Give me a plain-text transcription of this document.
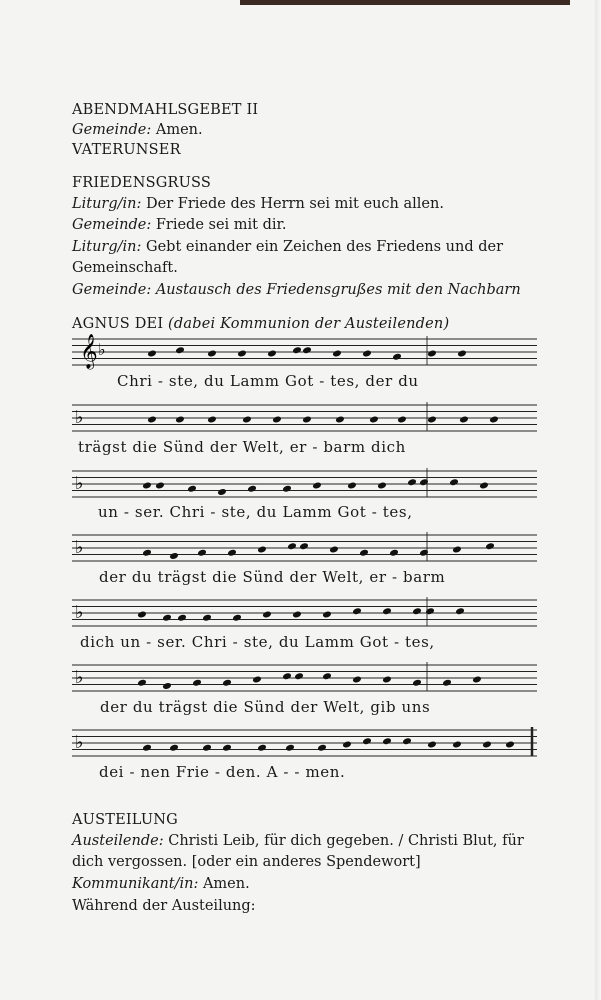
ABENDMAHLSGEBET II
Gemeinde: Amen.
VATERUNSER
FRIEDENSGRUSS
Liturg/in: Der Friede des Herrn sei mit euch allen.
Gemeinde: Friede sei mit dir.
Liturg/in: Gebt einander ein Zeichen des Friedens und der
Gemeinschaft.
Gemeinde: Austausch des Friedensgrußes mit den Nachbarn
AGNUS DEI (dabei Kommunion der Austeilenden)
𝄞 ♭
Chri - ste, du Lamm Got - tes, der du
♭
trägst die Sünd der Welt, er - barm dich
♭
un - ser. Chri - ste, du Lamm Got - tes,
♭
der du trägst die Sünd der Welt, er - barm
♭
dich un - ser. Chri - ste, du Lamm Got - tes,
♭
der du trägst die Sünd der Welt, gib uns
♭
dei - nen Frie - den. A - - men.
AUSTEILUNG
Austeilende: Christi Leib, für dich gegeben. / Christi Blut, für
dich vergossen. [oder ein anderes Spendewort]
Kommunikant/in: Amen.
Während der Austeilung:
